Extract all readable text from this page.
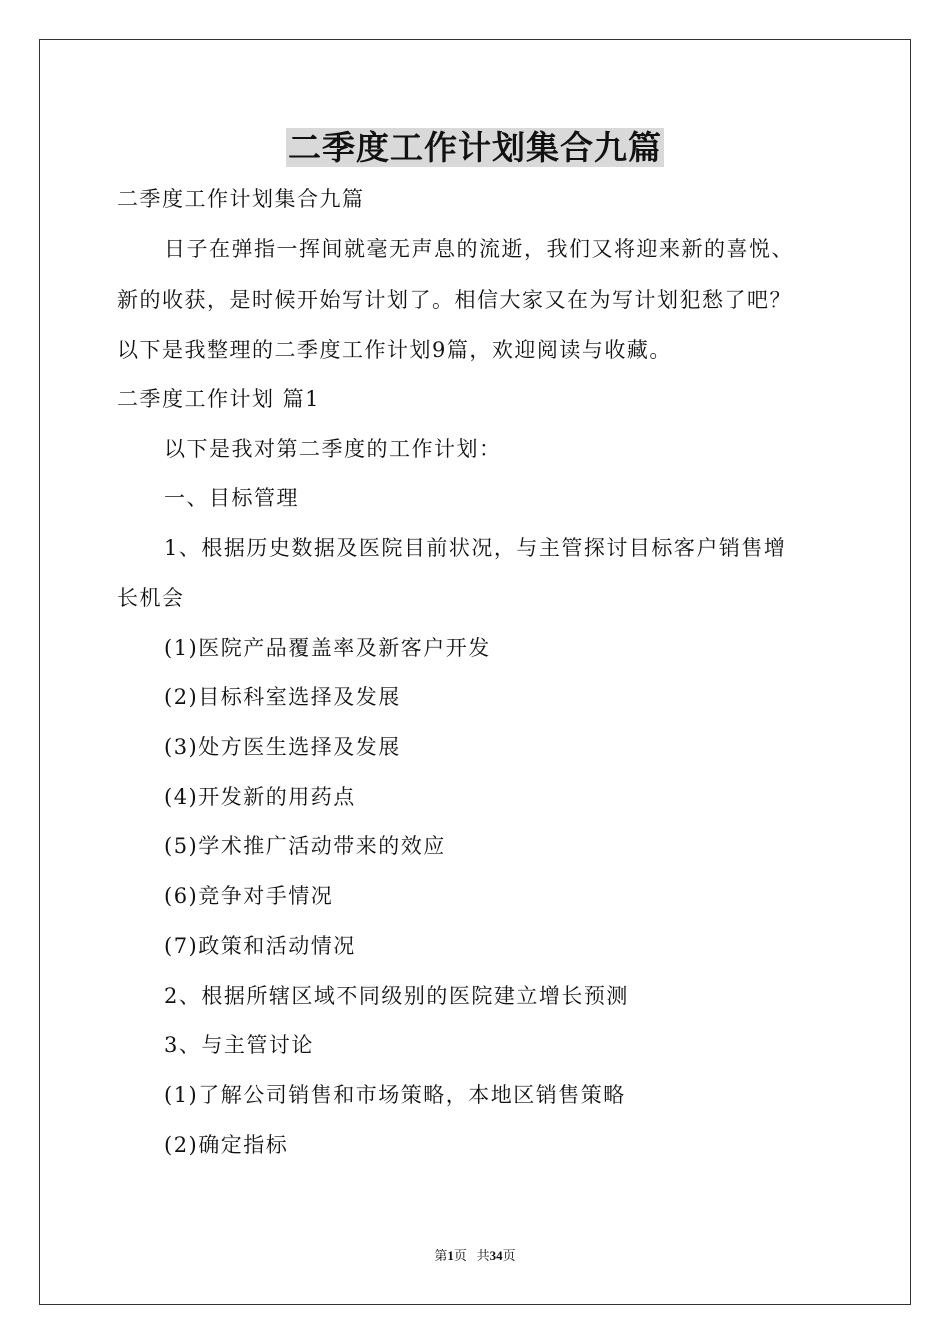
二季度工作计划集合九篇
二季度工作计划集合九篇
日子在弹指一挥间就毫无声息的流逝，我们又将迎来新的喜悦、
新的收获，是时候开始写计划了。相信大家又在为写计划犯愁了吧？
以下是我整理的二季度工作计划9篇，欢迎阅读与收藏。
二季度工作计划 篇1
以下是我对第二季度的工作计划：
一、目标管理
1、根据历史数据及医院目前状况，与主管探讨目标客户销售增
长机会
(1)医院产品覆盖率及新客户开发
(2)目标科室选择及发展
(3)处方医生选择及发展
(4)开发新的用药点
(5)学术推广活动带来的效应
(6)竞争对手情况
(7)政策和活动情况
2、根据所辖区域不同级别的医院建立增长预测
3、与主管讨论
(1)了解公司销售和市场策略，本地区销售策略
(2)确定指标
第1页 共34页
